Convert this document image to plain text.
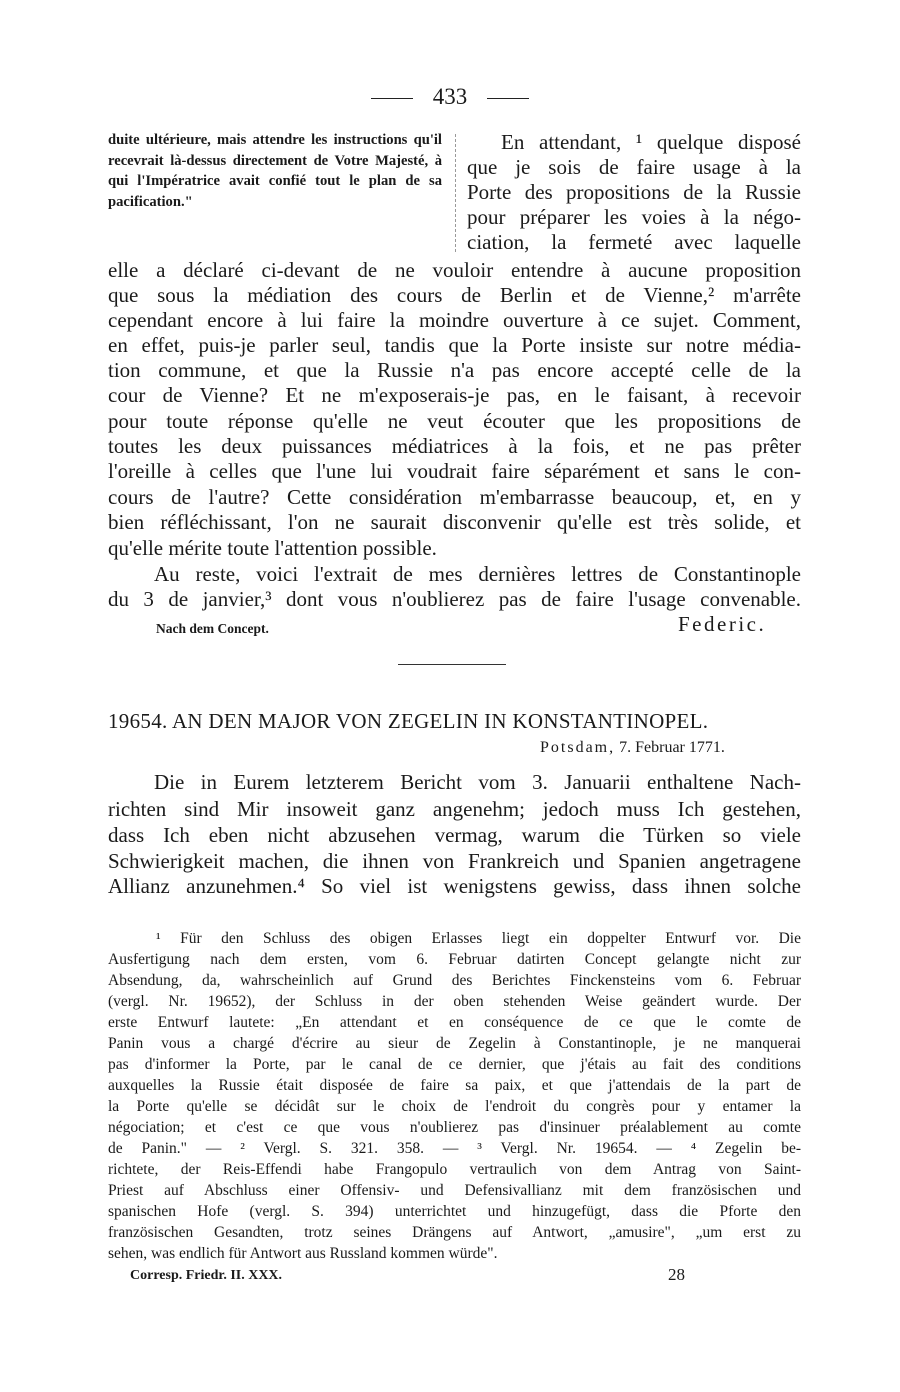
433
duite ultérieure, mais attendre les instructions qu'il recevrait là-dessus directement de Votre Majesté, à qui l'Impératrice avait confié tout le plan de sa pacification."
En attendant, ¹ quelque disposé
que je sois de faire usage à la
Porte des propositions de la Russie
pour préparer les voies à la négo-
ciation, la fermeté avec laquelle
elle a déclaré ci-devant de ne vouloir entendre à aucune proposition
que sous la médiation des cours de Berlin et de Vienne,² m'arrête
cependant encore à lui faire la moindre ouverture à ce sujet. Comment,
en effet, puis-je parler seul, tandis que la Porte insiste sur notre média-
tion commune, et que la Russie n'a pas encore accepté celle de la
cour de Vienne? Et ne m'exposerais-je pas, en le faisant, à recevoir
pour toute réponse qu'elle ne veut écouter que les propositions de
toutes les deux puissances médiatrices à la fois, et ne pas prêter
l'oreille à celles que l'une lui voudrait faire séparément et sans le con-
cours de l'autre? Cette considération m'embarrasse beaucoup, et, en y
bien réfléchissant, l'on ne saurait disconvenir qu'elle est très solide, et
qu'elle mérite toute l'attention possible.
Au reste, voici l'extrait de mes dernières lettres de Constantinople
du 3 de janvier,³ dont vous n'oublierez pas de faire l'usage convenable.
Nach dem Concept.	Federic.
19654. AN DEN MAJOR VON ZEGELIN IN KONSTANTINOPEL.
Potsdam, 7. Februar 1771.
Die in Eurem letzterem Bericht vom 3. Januarii enthaltene Nach-
richten sind Mir insoweit ganz angenehm; jedoch muss Ich gestehen,
dass Ich eben nicht abzusehen vermag, warum die Türken so viele
Schwierigkeit machen, die ihnen von Frankreich und Spanien angetragene
Allianz anzunehmen.⁴ So viel ist wenigstens gewiss, dass ihnen solche
¹ Für den Schluss des obigen Erlasses liegt ein doppelter Entwurf vor. Die
Ausfertigung nach dem ersten, vom 6. Februar datirten Concept gelangte nicht zur
Absendung, da, wahrscheinlich auf Grund des Berichtes Finckensteins vom 6. Februar
(vergl. Nr. 19652), der Schluss in der oben stehenden Weise geändert wurde. Der
erste Entwurf lautete: „En attendant et en conséquence de ce que le comte de
Panin vous a chargé d'écrire au sieur de Zegelin à Constantinople, je ne manquerai
pas d'informer la Porte, par le canal de ce dernier, que j'étais au fait des conditions
auxquelles la Russie était disposée de faire sa paix, et que j'attendais de la part de
la Porte qu'elle se décidât sur le choix de l'endroit du congrès pour y entamer la
négociation; et c'est ce que vous n'oublierez pas d'insinuer préalablement au comte
de Panin." — ² Vergl. S. 321. 358. — ³ Vergl. Nr. 19654. — ⁴ Zegelin be-
richtete, der Reis-Effendi habe Frangopulo vertraulich von dem Antrag von Saint-
Priest auf Abschluss einer Offensiv- und Defensivallianz mit dem französischen und
spanischen Hofe (vergl. S. 394) unterrichtet und hinzugefügt, dass die Pforte den
französischen Gesandten, trotz seines Drängens auf Antwort, „amusire", „um erst zu
sehen, was endlich für Antwort aus Russland kommen würde".
Corresp. Friedr. II. XXX.	28
